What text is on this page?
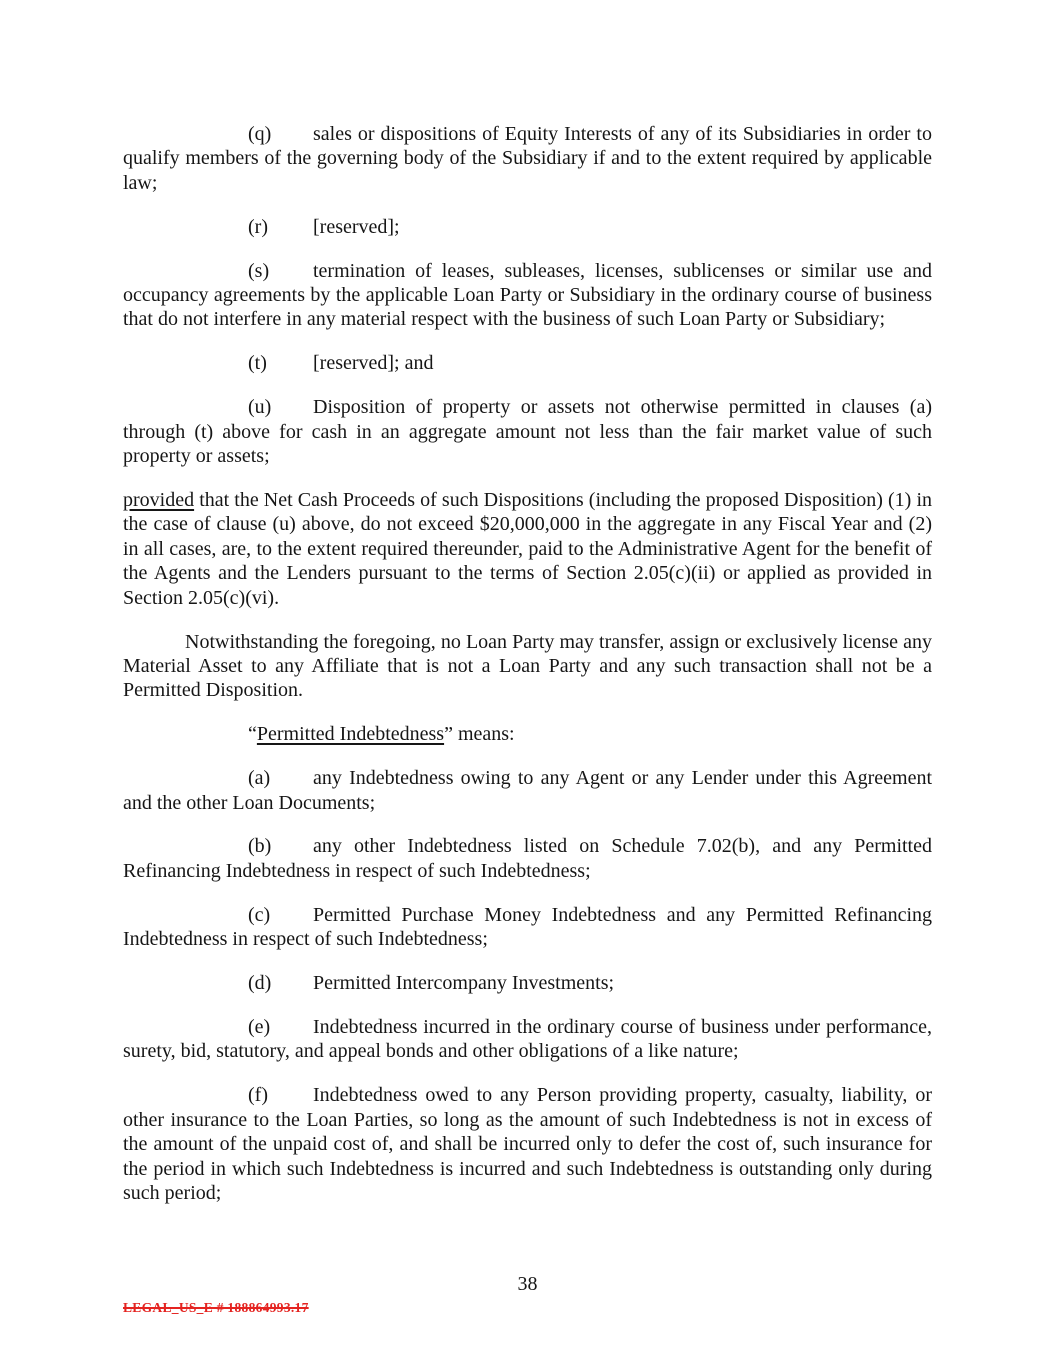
(q) sales or dispositions of Equity Interests of any of its Subsidiaries in order to qualify members of the governing body of the Subsidiary if and to the extent required by applicable law;

(r) [reserved];

(s) termination of leases, subleases, licenses, sublicenses or similar use and occupancy agreements by the applicable Loan Party or Subsidiary in the ordinary course of business that do not interfere in any material respect with the business of such Loan Party or Subsidiary;

(t) [reserved]; and

(u) Disposition of property or assets not otherwise permitted in clauses (a) through (t) above for cash in an aggregate amount not less than the fair market value of such property or assets;

provided that the Net Cash Proceeds of such Dispositions (including the proposed Disposition) (1) in the case of clause (u) above, do not exceed $20,000,000 in the aggregate in any Fiscal Year and (2) in all cases, are, to the extent required thereunder, paid to the Administrative Agent for the benefit of the Agents and the Lenders pursuant to the terms of Section 2.05(c)(ii) or applied as provided in Section 2.05(c)(vi).

Notwithstanding the foregoing, no Loan Party may transfer, assign or exclusively license any Material Asset to any Affiliate that is not a Loan Party and any such transaction shall not be a Permitted Disposition.

“Permitted Indebtedness” means:

(a) any Indebtedness owing to any Agent or any Lender under this Agreement and the other Loan Documents;

(b) any other Indebtedness listed on Schedule 7.02(b), and any Permitted Refinancing Indebtedness in respect of such Indebtedness;

(c) Permitted Purchase Money Indebtedness and any Permitted Refinancing Indebtedness in respect of such Indebtedness;

(d) Permitted Intercompany Investments;

(e) Indebtedness incurred in the ordinary course of business under performance, surety, bid, statutory, and appeal bonds and other obligations of a like nature;

(f) Indebtedness owed to any Person providing property, casualty, liability, or other insurance to the Loan Parties, so long as the amount of such Indebtedness is not in excess of the amount of the unpaid cost of, and shall be incurred only to defer the cost of, such insurance for the period in which such Indebtedness is incurred and such Indebtedness is outstanding only during such period;

38
LEGAL_US_E # 188864993.17
